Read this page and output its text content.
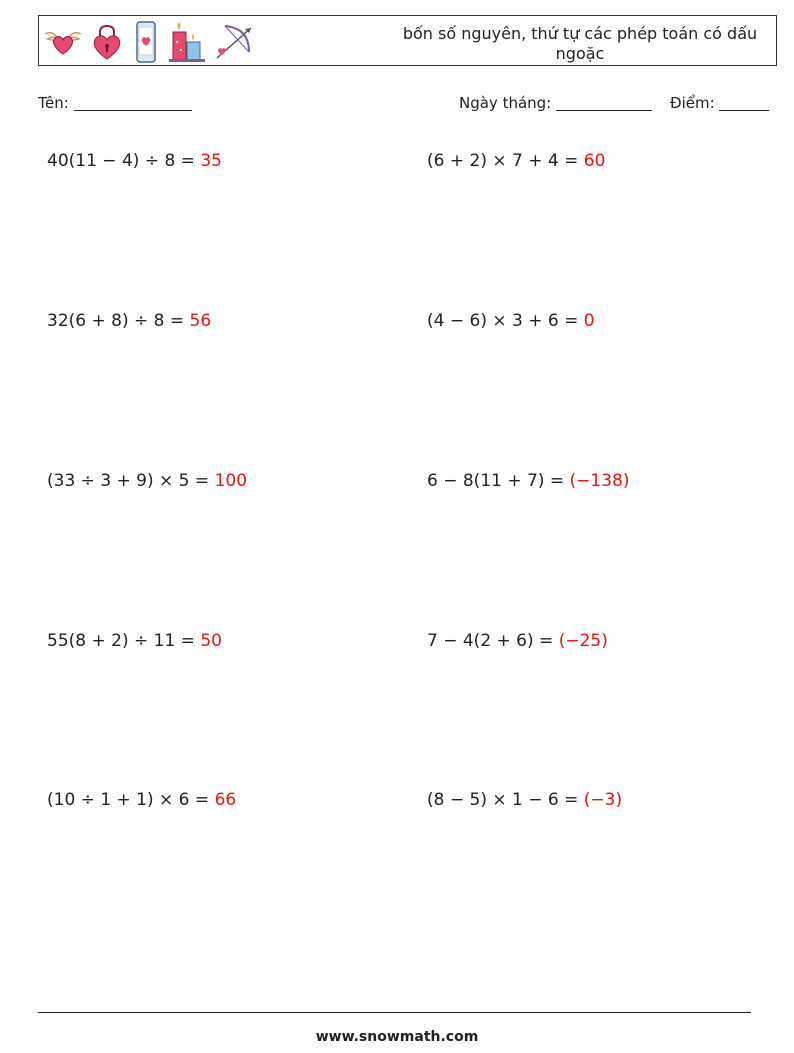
bốn số nguyên, thứ tự các phép toán có dấu ngoặc
Tên:	Ngày tháng:	Điểm:
40(11 − 4) ÷ 8 = 35	(6 + 2) × 7 + 4 = 60
32(6 + 8) ÷ 8 = 56	(4 − 6) × 3 + 6 = 0
(33 ÷ 3 + 9) × 5 = 100	6 − 8(11 + 7) = (−138)
55(8 + 2) ÷ 11 = 50	7 − 4(2 + 6) = (−25)
(10 ÷ 1 + 1) × 6 = 66	(8 − 5) × 1 − 6 = (−3)
www.snowmath.com
